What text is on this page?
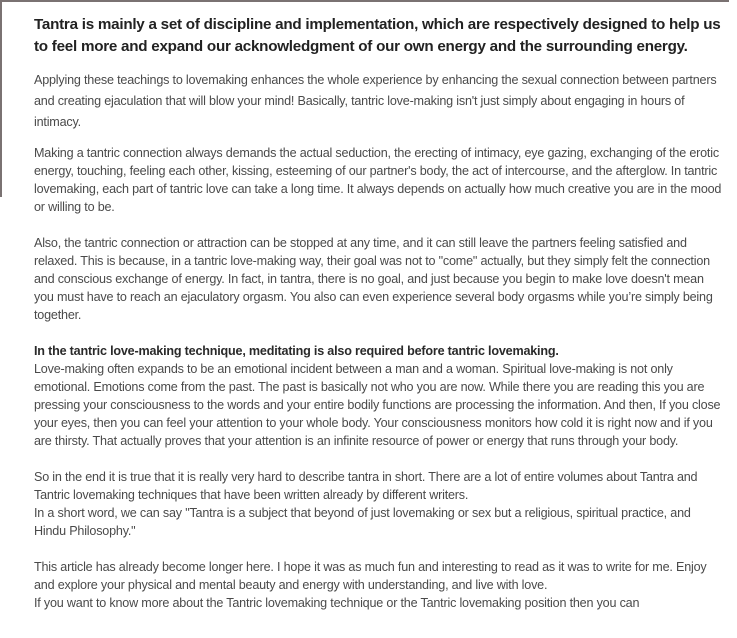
Tantra is mainly a set of discipline and implementation, which are respectively designed to help us to feel more and expand our acknowledgment of our own energy and the surrounding energy.

Applying these teachings to lovemaking enhances the whole experience by enhancing the sexual connection between partners and creating ejaculation that will blow your mind! Basically, tantric love-making isn't just simply about engaging in hours of intimacy.

Making a tantric connection always demands the actual seduction, the erecting of intimacy, eye gazing, exchanging of the erotic energy, touching, feeling each other, kissing, esteeming of our partner's body, the act of intercourse, and the afterglow. In tantric lovemaking, each part of tantric love can take a long time. It always depends on actually how much creative you are in the mood or willing to be.

Also, the tantric connection or attraction can be stopped at any time, and it can still leave the partners feeling satisfied and relaxed. This is because, in a tantric love-making way, their goal was not to "come" actually, but they simply felt the connection and conscious exchange of energy. In fact, in tantra, there is no goal, and just because you begin to make love doesn't mean you must have to reach an ejaculatory orgasm. You also can even experience several body orgasms while you’re simply being together.

In the tantric love-making technique, meditating is also required before tantric lovemaking.
Love-making often expands to be an emotional incident between a man and a woman. Spiritual love-making is not only emotional. Emotions come from the past. The past is basically not who you are now. While there you are reading this you are pressing your consciousness to the words and your entire bodily functions are processing the information. And then, If you close your eyes, then you can feel your attention to your whole body. Your consciousness monitors how cold it is right now and if you are thirsty. That actually proves that your attention is an infinite resource of power or energy that runs through your body.
So in the end it is true that it is really very hard to describe tantra in short. There are a lot of entire volumes about Tantra and Tantric lovemaking techniques that have been written already by different writers.
In a short word, we can say "Tantra is a subject that beyond of just lovemaking or sex but a religious, spiritual practice, and Hindu Philosophy."
This article has already become longer here. I hope it was as much fun and interesting to read as it was to write for me. Enjoy and explore your physical and mental beauty and energy with understanding, and live with love.
If you want to know more about the Tantric lovemaking technique or the Tantric lovemaking position then you can
